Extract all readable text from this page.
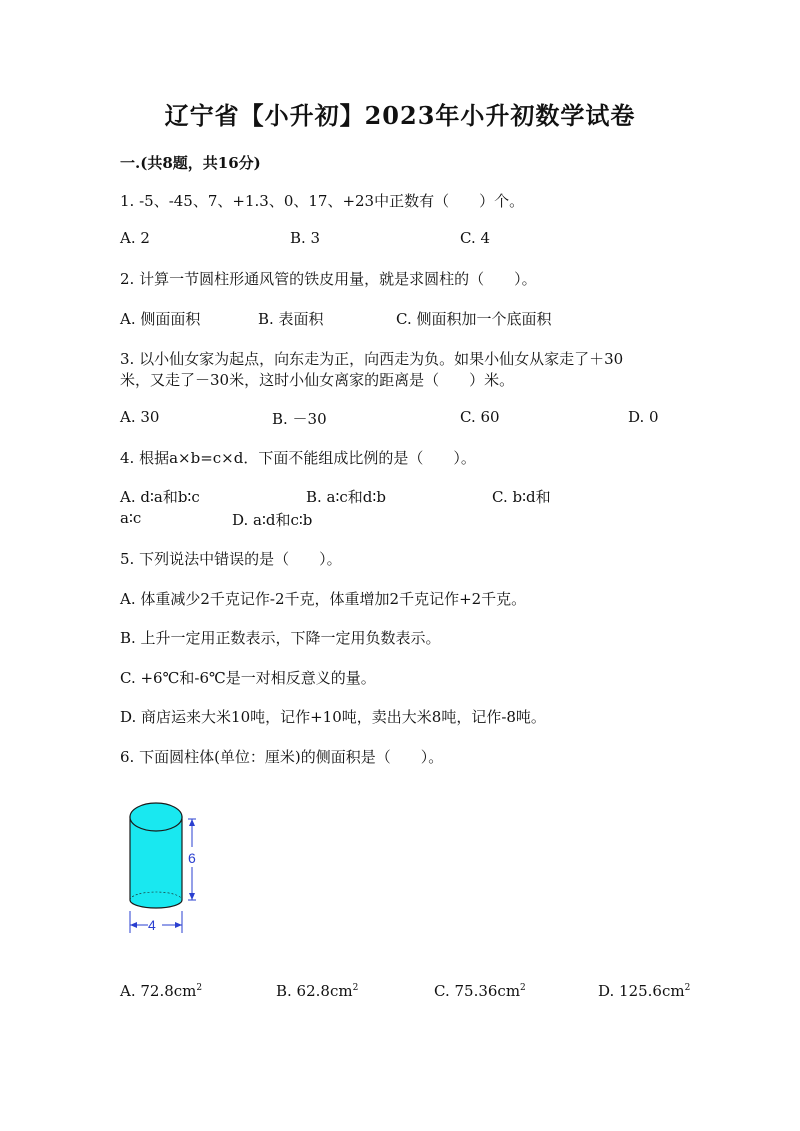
辽宁省【小升初】2023年小升初数学试卷
一.(共8题，共16分)
1. -5、-45、7、+1.3、0、17、+23中正数有（　　）个。
A. 2	B. 3	C. 4
2. 计算一节圆柱形通风管的铁皮用量，就是求圆柱的（　　）。
A. 侧面面积	B. 表面积	C. 侧面积加一个底面积
3. 以小仙女家为起点，向东走为正，向西走为负。如果小仙女从家走了＋30
米，又走了－30米，这时小仙女离家的距离是（　　）米。
A. 30	B. －30	C. 60	D. 0
4. 根据a×b=c×d．下面不能组成比例的是（　　）。
A. d∶a和b∶c	B. a∶c和d∶b	C. b∶d和
a∶c	D. a∶d和c∶b
5. 下列说法中错误的是（　　）。
A. 体重减少2千克记作-2千克，体重增加2千克记作+2千克。
B. 上升一定用正数表示，下降一定用负数表示。
C. +6℃和-6℃是一对相反意义的量。
D. 商店运来大米10吨，记作+10吨，卖出大米8吨，记作-8吨。
6. 下面圆柱体(单位：厘米)的侧面积是（　　）。
6
4
A. $72.8cm^2$	B. $62.8cm^2$	C. $75.36cm^2$	D. $125.6cm^2$
